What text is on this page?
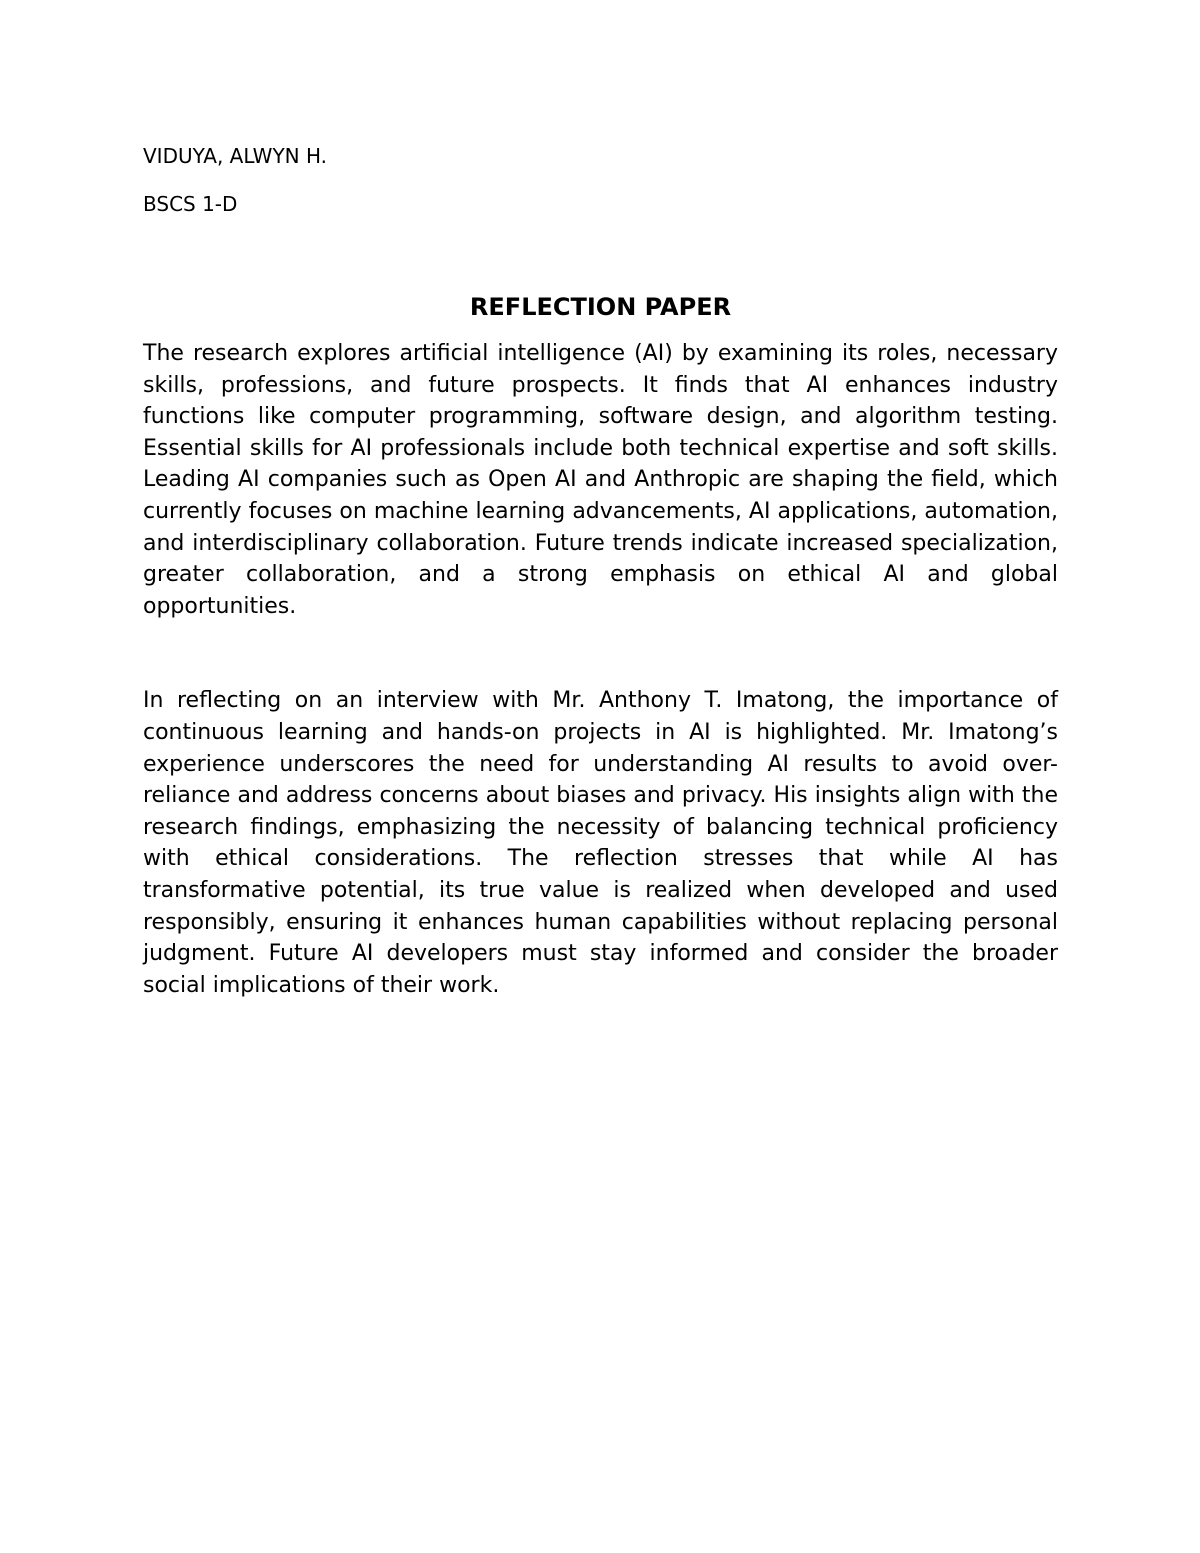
VIDUYA, ALWYN H.

BSCS 1-D

REFLECTION PAPER

The research explores artificial intelligence (AI) by examining its roles, necessary skills, professions, and future prospects. It finds that AI enhances industry functions like computer programming, software design, and algorithm testing. Essential skills for AI professionals include both technical expertise and soft skills. Leading AI companies such as Open AI and Anthropic are shaping the field, which currently focuses on machine learning advancements, AI applications, automation, and interdisciplinary collaboration. Future trends indicate increased specialization, greater collaboration, and a strong emphasis on ethical AI and global opportunities.

In reflecting on an interview with Mr. Anthony T. Imatong, the importance of continuous learning and hands-on projects in AI is highlighted. Mr. Imatong’s experience underscores the need for understanding AI results to avoid over-reliance and address concerns about biases and privacy. His insights align with the research findings, emphasizing the necessity of balancing technical proficiency with ethical considerations. The reflection stresses that while AI has transformative potential, its true value is realized when developed and used responsibly, ensuring it enhances human capabilities without replacing personal judgment. Future AI developers must stay informed and consider the broader social implications of their work.
